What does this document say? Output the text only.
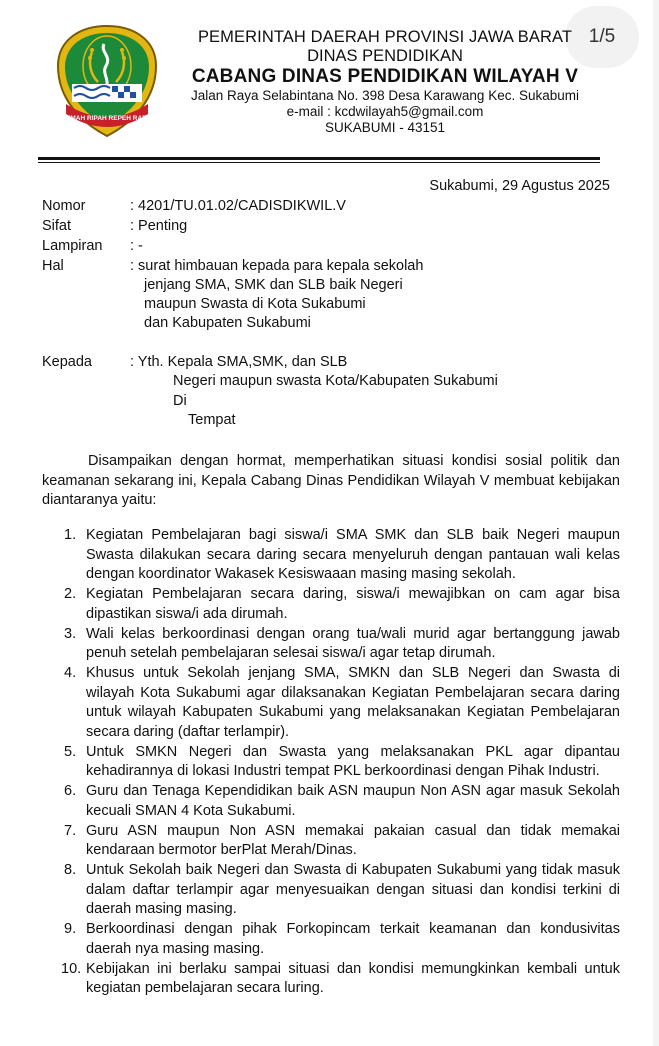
1/5
GEMAH RIPAH REPEH RAPIH
PEMERINTAH DAERAH PROVINSI JAWA BARAT
DINAS PENDIDIKAN
CABANG DINAS PENDIDIKAN WILAYAH V
Jalan Raya Selabintana No. 398 Desa Karawang Kec. Sukabumi
e-mail : kcdwilayah5@gmail.com
SUKABUMI - 43151
Sukabumi, 29 Agustus 2025
Nomor	: 4201/TU.01.02/CADISDIKWIL.V
Sifat	: Penting
Lampiran	: -
Hal	: surat himbauan kepada para kepala sekolah
jenjang SMA, SMK dan SLB baik Negeri
maupun Swasta di Kota Sukabumi
dan Kabupaten Sukabumi
Kepada	: Yth. Kepala SMA,SMK, dan SLB
Negeri maupun swasta Kota/Kabupaten Sukabumi
Di
Tempat

Disampaikan dengan hormat, memperhatikan situasi kondisi sosial politik dan keamanan sekarang ini, Kepala Cabang Dinas Pendidikan Wilayah V membuat kebijakan diantaranya yaitu:

1. Kegiatan Pembelajaran bagi siswa/i SMA SMK dan SLB baik Negeri maupun Swasta dilakukan secara daring secara menyeluruh dengan pantauan wali kelas dengan koordinator Wakasek Kesiswaaan masing masing sekolah.
2. Kegiatan Pembelajaran secara daring, siswa/i mewajibkan on cam agar bisa dipastikan siswa/i ada dirumah.
3. Wali kelas berkoordinasi dengan orang tua/wali murid agar bertanggung jawab penuh setelah pembelajaran selesai siswa/i agar tetap dirumah.
4. Khusus untuk Sekolah jenjang SMA, SMKN dan SLB Negeri dan Swasta di wilayah Kota Sukabumi agar dilaksanakan Kegiatan Pembelajaran secara daring untuk wilayah Kabupaten Sukabumi yang melaksanakan Kegiatan Pembelajaran secara daring (daftar terlampir).
5. Untuk SMKN Negeri dan Swasta yang melaksanakan PKL agar dipantau kehadirannya di lokasi Industri tempat PKL berkoordinasi dengan Pihak Industri.
6. Guru dan Tenaga Kependidikan baik ASN maupun Non ASN agar masuk Sekolah kecuali SMAN 4 Kota Sukabumi.
7. Guru ASN maupun Non ASN memakai pakaian casual dan tidak memakai kendaraan bermotor berPlat Merah/Dinas.
8. Untuk Sekolah baik Negeri dan Swasta di Kabupaten Sukabumi yang tidak masuk dalam daftar terlampir agar menyesuaikan dengan situasi dan kondisi terkini di daerah masing masing.
9. Berkoordinasi dengan pihak Forkopincam terkait keamanan dan kondusivitas daerah nya masing masing.
10. Kebijakan ini berlaku sampai situasi dan kondisi memungkinkan kembali untuk kegiatan pembelajaran secara luring.
